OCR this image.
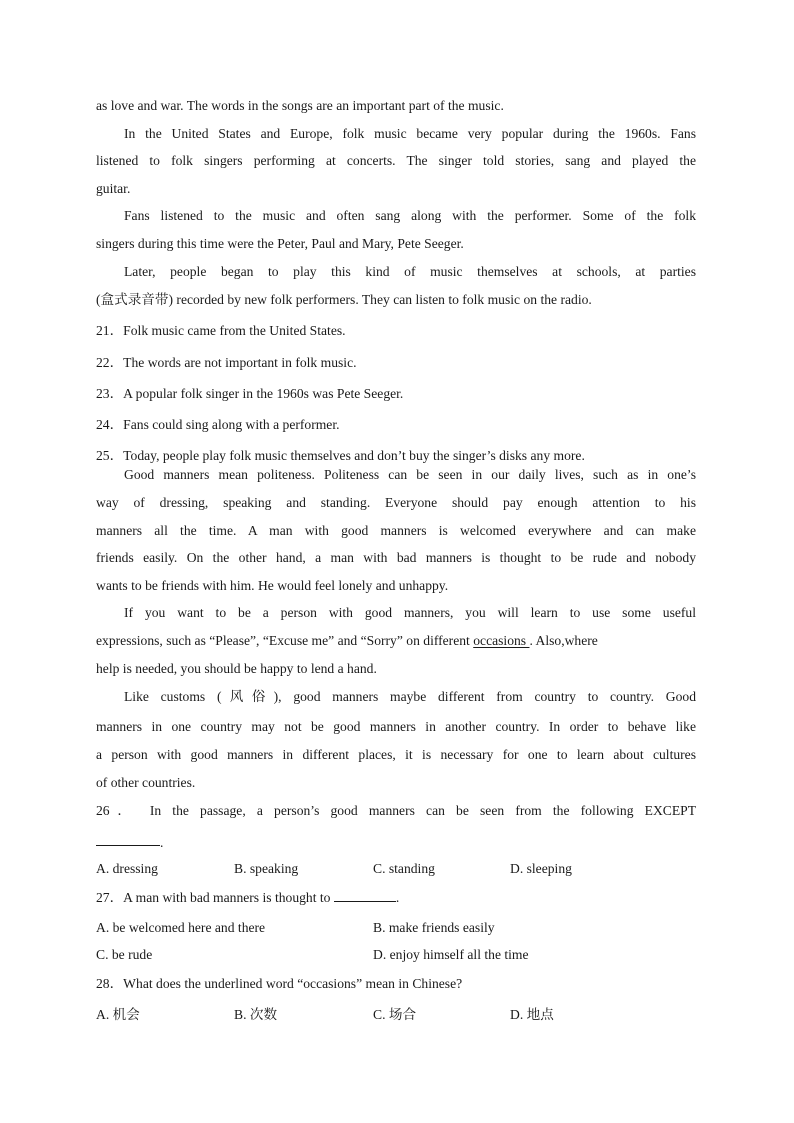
as love and war. The words in the songs are an important part of the music.
In the United States and Europe, folk music became very popular during the 1960s. Fans
listened to folk singers performing at concerts. The singer told stories, sang and played the
guitar.
Fans listened to the music and often sang along with the performer. Some of the folk
singers during this time were the Peter, Paul and Mary, Pete Seeger.
Later, people began to play this kind of music themselves at schools, at parties
(盒式录音带) recorded by new folk performers. They can listen to folk music on the radio.
21．Folk music came from the United States.
22．The words are not important in folk music.
23．A popular folk singer in the 1960s was Pete Seeger.
24．Fans could sing along with a performer.
25．Today, people play folk music themselves and don’t buy the singer’s disks any more.
Good manners mean politeness. Politeness can be seen in our daily lives, such as in one’s
way of dressing, speaking and standing. Everyone should pay enough attention to his
manners all the time. A man with good manners is welcomed everywhere and can make
friends easily. On the other hand, a man with bad manners is thought to be rude and nobody
wants to be friends with him. He would feel lonely and unhappy.
If you want to be a person with good manners, you will learn to use some useful
expressions, such as “Please”, “Excuse me” and “Sorry” on different occasions . Also,where
help is needed, you should be happy to lend a hand.
Like customs (风俗), good manners maybe different from country to country. Good
manners in one country may not be good manners in another country. In order to behave like
a person with good manners in different places, it is necessary for one to learn about cultures
of other countries.
26． In the passage, a person’s good manners can be seen from the following EXCEPT
.
A. dressing	B. speaking	C. standing	D. sleeping
27．A man with bad manners is thought to	.
A. be welcomed here and there	B. make friends easily
C. be rude	D. enjoy himself all the time
28．What does the underlined word “occasions” mean in Chinese?
A. 机会	B. 次数	C. 场合	D. 地点
